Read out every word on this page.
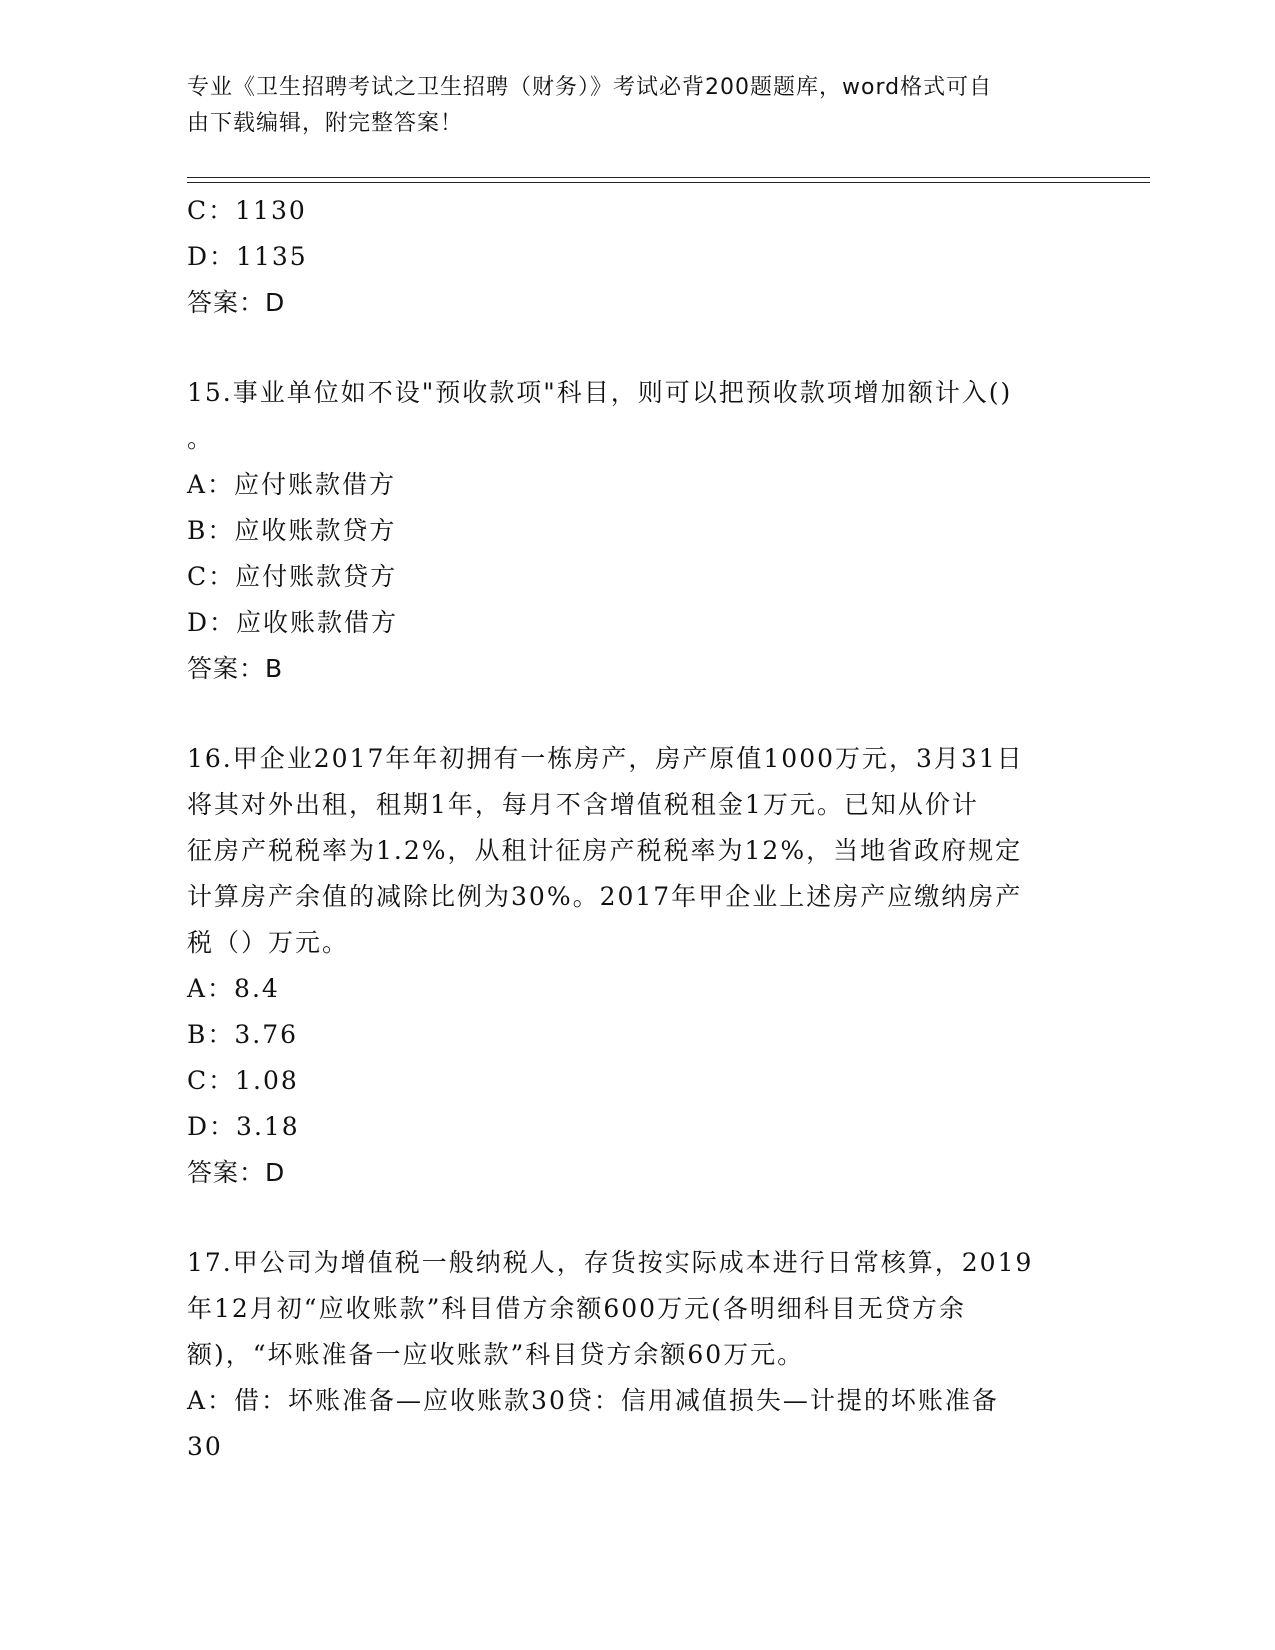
专业《卫生招聘考试之卫生招聘（财务）》考试必背200题题库，word格式可自
由下载编辑，附完整答案！
C：1130
D：1135
答案：D
15.事业单位如不设"预收款项"科目，则可以把预收款项增加额计入()
。
A：应付账款借方
B：应收账款贷方
C：应付账款贷方
D：应收账款借方
答案：B
16.甲企业2017年年初拥有一栋房产，房产原值1000万元，3月31日
将其对外出租，租期1年，每月不含增值税租金1万元。已知从价计
征房产税税率为1.2%，从租计征房产税税率为12%，当地省政府规定
计算房产余值的减除比例为30%。2017年甲企业上述房产应缴纳房产
税（）万元。
A：8.4
B：3.76
C：1.08
D：3.18
答案：D
17.甲公司为增值税一般纳税人，存货按实际成本进行日常核算，2019
年12月初“应收账款”科目借方余额600万元(各明细科目无贷方余
额)，“坏账准备一应收账款”科目贷方余额60万元。
A：借：坏账准备—应收账款30贷：信用减值损失—计提的坏账准备
30
